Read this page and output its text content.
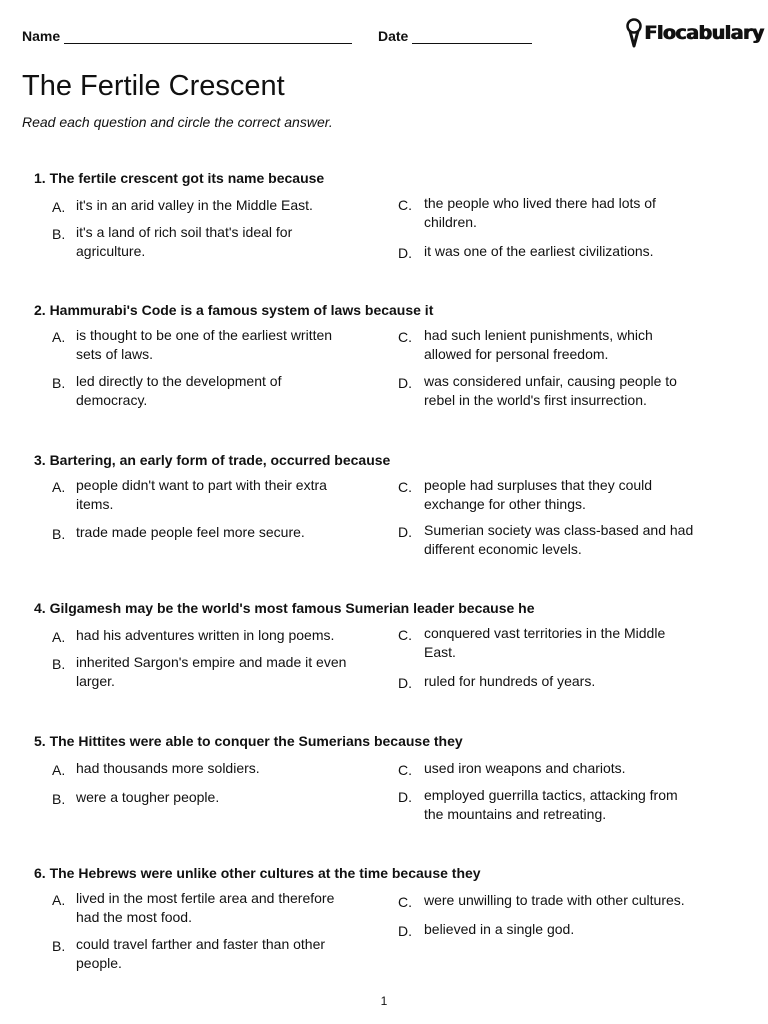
Name	Date	Flocabulary
The Fertile Crescent

Read each question and circle the correct answer.

1. The fertile crescent got its name because
A. it's in an arid valley in the Middle East.
B. it's a land of rich soil that's ideal for agriculture.
C. the people who lived there had lots of children.
D. it was one of the earliest civilizations.
2. Hammurabi's Code is a famous system of laws because it
A. is thought to be one of the earliest written sets of laws.
B. led directly to the development of democracy.
C. had such lenient punishments, which allowed for personal freedom.
D. was considered unfair, causing people to rebel in the world's first insurrection.
3. Bartering, an early form of trade, occurred because
A. people didn't want to part with their extra items.
B. trade made people feel more secure.
C. people had surpluses that they could exchange for other things.
D. Sumerian society was class-based and had different economic levels.
4. Gilgamesh may be the world's most famous Sumerian leader because he
A. had his adventures written in long poems.
B. inherited Sargon's empire and made it even larger.
C. conquered vast territories in the Middle East.
D. ruled for hundreds of years.
5. The Hittites were able to conquer the Sumerians because they
A. had thousands more soldiers.
B. were a tougher people.
C. used iron weapons and chariots.
D. employed guerrilla tactics, attacking from the mountains and retreating.
6. The Hebrews were unlike other cultures at the time because they
A. lived in the most fertile area and therefore had the most food.
B. could travel farther and faster than other people.
C. were unwilling to trade with other cultures.
D. believed in a single god.
1
